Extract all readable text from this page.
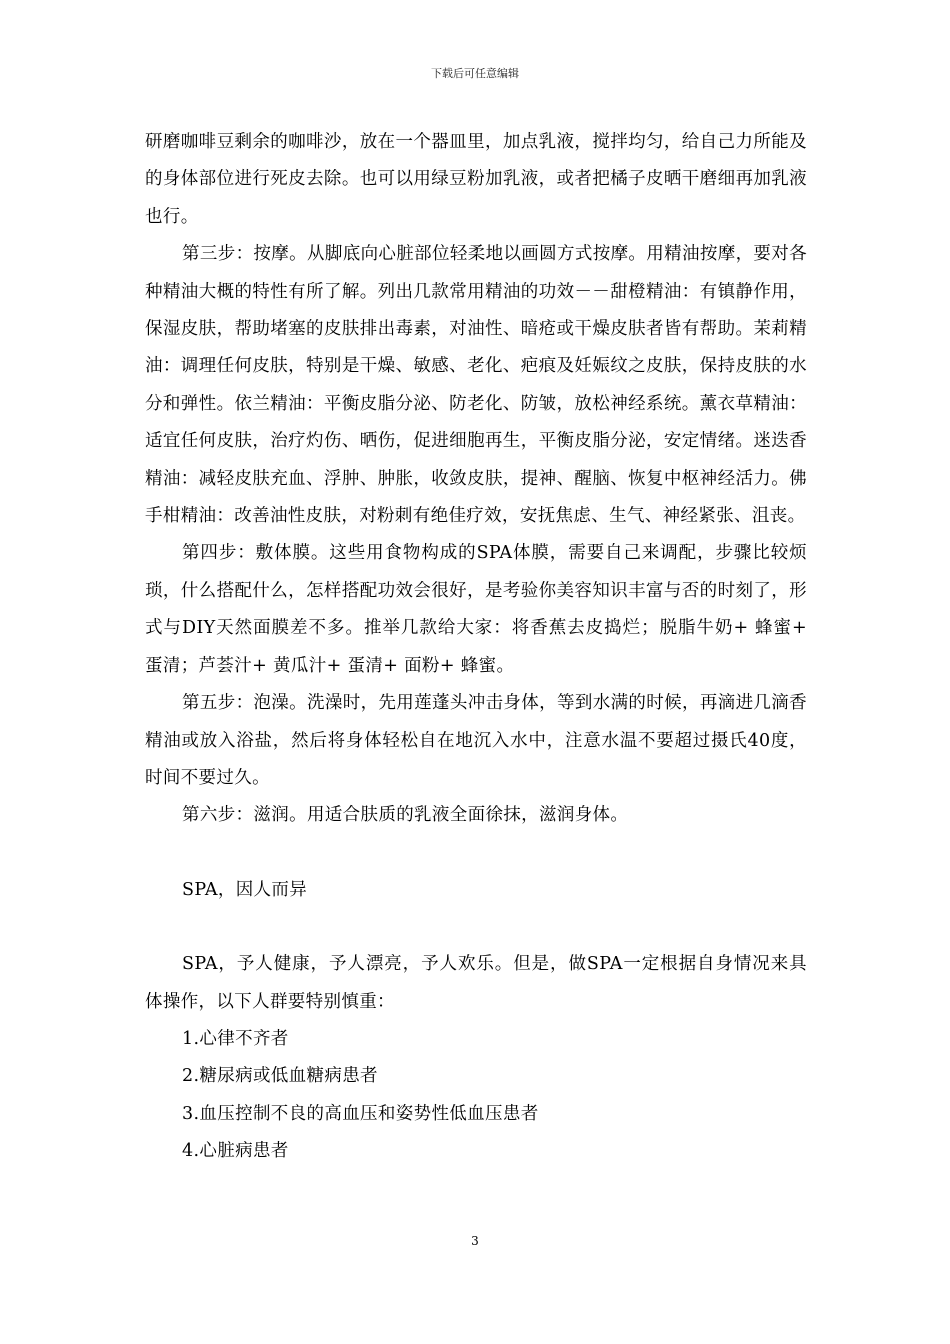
下载后可任意编辑

研磨咖啡豆剩余的咖啡沙，放在一个器皿里，加点乳液，搅拌均匀，给自己力所能及的身体部位进行死皮去除。也可以用绿豆粉加乳液，或者把橘子皮晒干磨细再加乳液也行。

第三步：按摩。从脚底向心脏部位轻柔地以画圆方式按摩。用精油按摩，要对各种精油大概的特性有所了解。列出几款常用精油的功效－－甜橙精油：有镇静作用，保湿皮肤，帮助堵塞的皮肤排出毒素，对油性、暗疮或干燥皮肤者皆有帮助。茉莉精油：调理任何皮肤，特别是干燥、敏感、老化、疤痕及妊娠纹之皮肤，保持皮肤的水分和弹性。依兰精油：平衡皮脂分泌、防老化、防皱，放松神经系统。薰衣草精油：适宜任何皮肤，治疗灼伤、晒伤，促进细胞再生，平衡皮脂分泌，安定情绪。迷迭香精油：减轻皮肤充血、浮肿、肿胀，收敛皮肤，提神、醒脑、恢复中枢神经活力。佛手柑精油：改善油性皮肤，对粉刺有绝佳疗效，安抚焦虑、生气、神经紧张、沮丧。

第四步：敷体膜。这些用食物构成的SPA体膜，需要自己来调配，步骤比较烦琐，什么搭配什么，怎样搭配功效会很好，是考验你美容知识丰富与否的时刻了，形式与DIY天然面膜差不多。推举几款给大家：将香蕉去皮捣烂；脱脂牛奶+ 蜂蜜+ 蛋清；芦荟汁+ 黄瓜汁+ 蛋清+ 面粉+ 蜂蜜。

第五步：泡澡。洗澡时，先用莲蓬头冲击身体，等到水满的时候，再滴进几滴香精油或放入浴盐，然后将身体轻松自在地沉入水中，注意水温不要超过摄氏40度，时间不要过久。

第六步：滋润。用适合肤质的乳液全面徐抹，滋润身体。

SPA，因人而异

SPA，予人健康，予人漂亮，予人欢乐。但是，做SPA一定根据自身情况来具体操作，以下人群要特别慎重：

1.心律不齐者

2.糖尿病或低血糖病患者

3.血压控制不良的高血压和姿势性低血压患者

4.心脏病患者

3
